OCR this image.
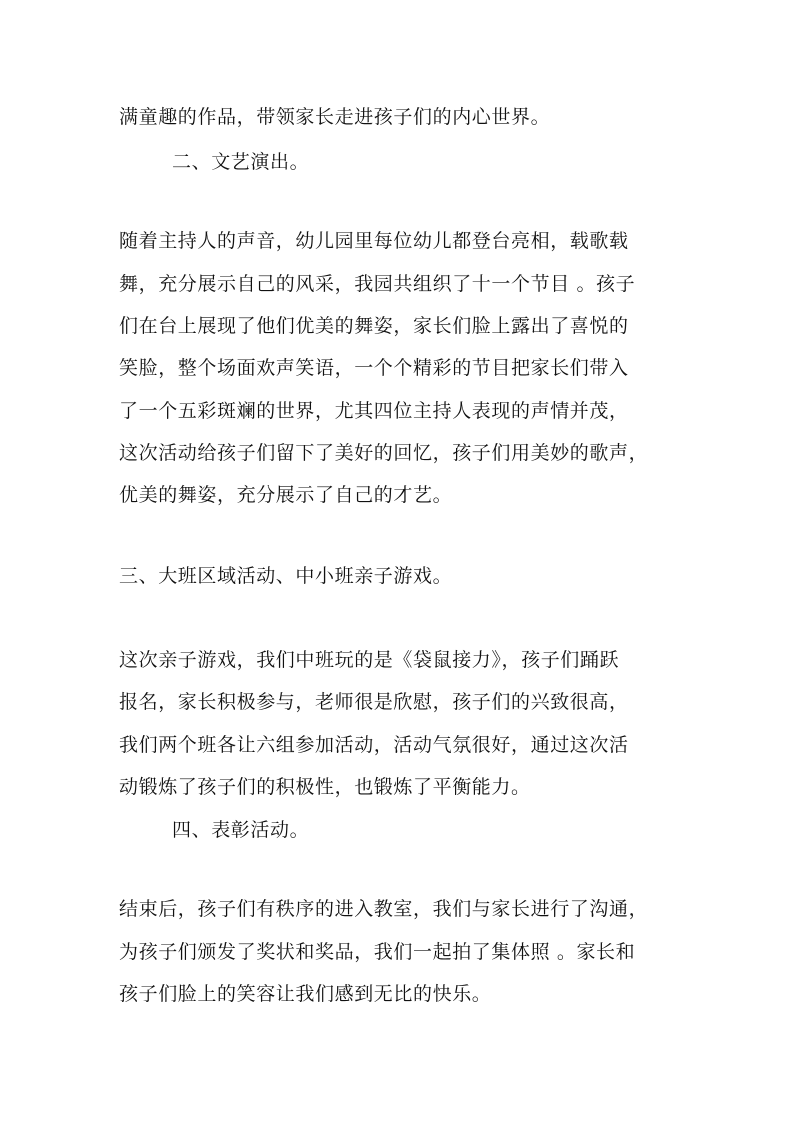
满童趣的作品，带领家长走进孩子们的内心世界。
二、文艺演出。
随着主持人的声音，幼儿园里每位幼儿都登台亮相，载歌载
舞，充分展示自己的风采，我园共组织了十一个节目 。孩子
们在台上展现了他们优美的舞姿，家长们脸上露出了喜悦的
笑脸，整个场面欢声笑语，一个个精彩的节目把家长们带入
了一个五彩斑斓的世界，尤其四位主持人表现的声情并茂，
这次活动给孩子们留下了美好的回忆，孩子们用美妙的歌声，
优美的舞姿，充分展示了自己的才艺。
三、大班区域活动、中小班亲子游戏。
这次亲子游戏，我们中班玩的是《袋鼠接力》，孩子们踊跃
报名，家长积极参与，老师很是欣慰，孩子们的兴致很高，
我们两个班各让六组参加活动，活动气氛很好，通过这次活
动锻炼了孩子们的积极性，也锻炼了平衡能力。
四、表彰活动。
结束后，孩子们有秩序的进入教室，我们与家长进行了沟通，
为孩子们颁发了奖状和奖品，我们一起拍了集体照 。家长和
孩子们脸上的笑容让我们感到无比的快乐。
